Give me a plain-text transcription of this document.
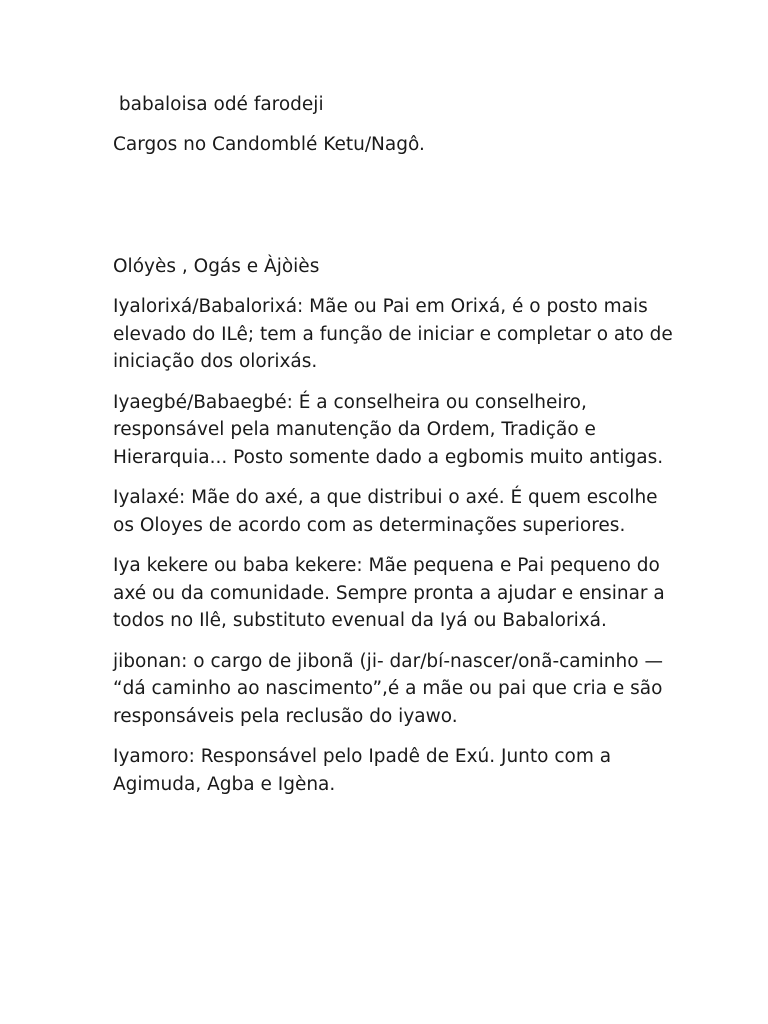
babaloisa odé farodeji

Cargos no Candomblé Ketu/Nagô.

Olóyès , Ogás e Àjòiès

Iyalorixá/Babalorixá: Mãe ou Pai em Orixá, é o posto mais elevado do ILê; tem a função de iniciar e completar o ato de iniciação dos olorixás.

Iyaegbé/Babaegbé: É a conselheira ou conselheiro, responsável pela manutenção da Ordem, Tradição e Hierarquia... Posto somente dado a egbomis muito antigas.

Iyalaxé: Mãe do axé, a que distribui o axé. É quem escolhe os Oloyes de acordo com as determinações superiores.

Iya kekere ou baba kekere: Mãe pequena e Pai pequeno do axé ou da comunidade. Sempre pronta a ajudar e ensinar a todos no Ilê, substituto evenual da Iyá ou Babalorixá.

jibonan: o cargo de jibonã (ji- dar/bí-nascer/onã-caminho — “dá caminho ao nascimento”,é a mãe ou pai que cria e são responsáveis pela reclusão do iyawo.

Iyamoro: Responsável pelo Ipadê de Exú. Junto com a Agimuda, Agba e Igèna.
